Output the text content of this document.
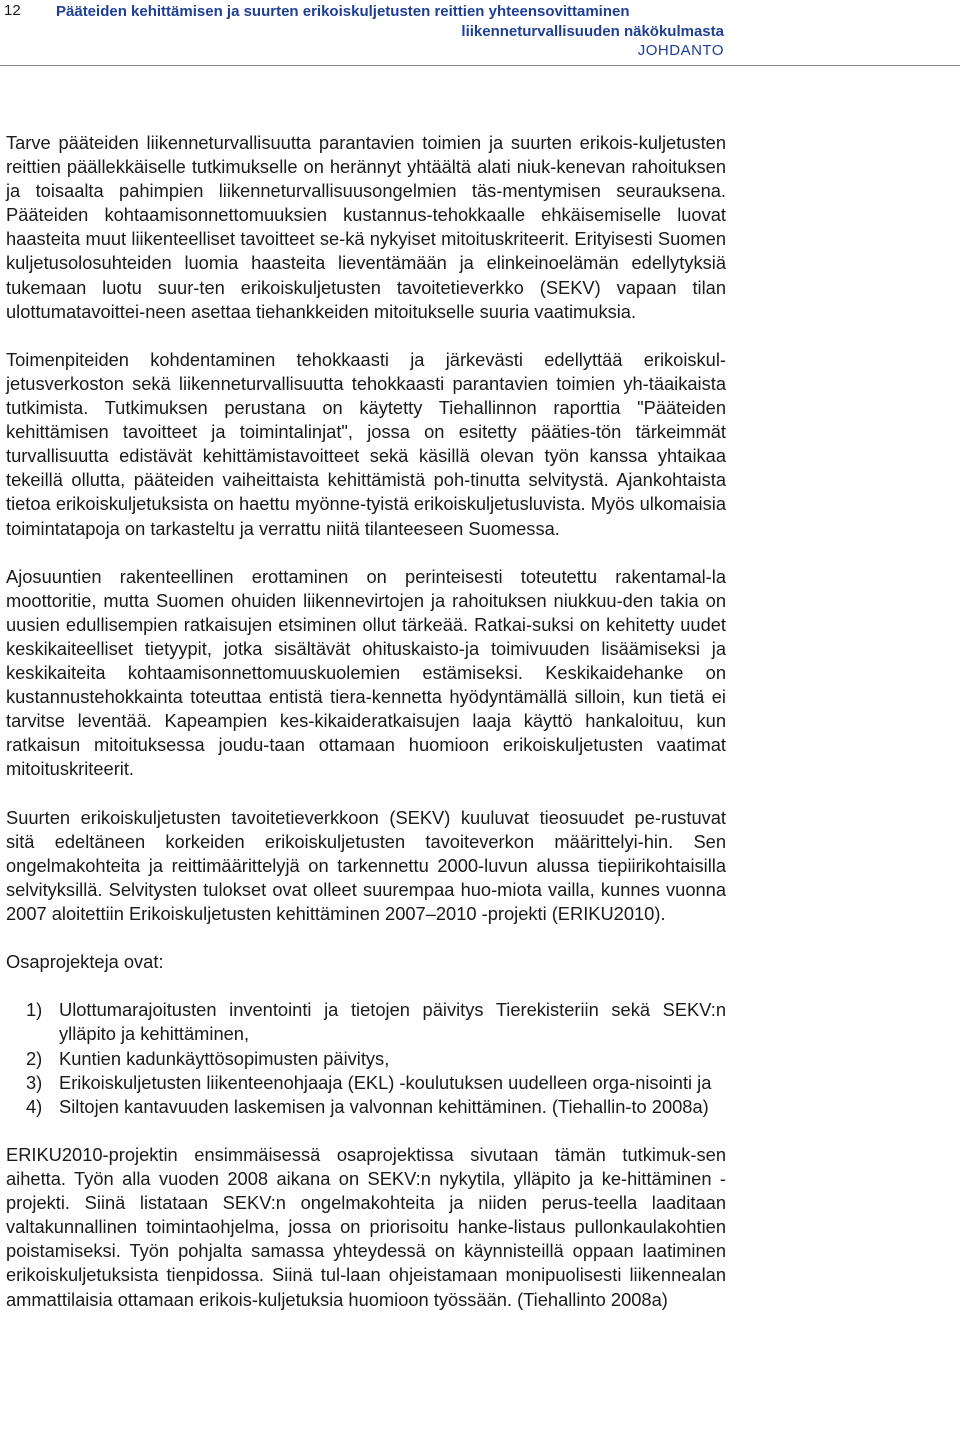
12 Pääteiden kehittämisen ja suurten erikoiskuljetusten reittien yhteensovittaminen
liikenneturvallisuuden näkökulmasta
JOHDANTO

Tarve pääteiden liikenneturvallisuutta parantavien toimien ja suurten erikois-kuljetusten reittien päällekkäiselle tutkimukselle on herännyt yhtäältä alati niuk-kenevan rahoituksen ja toisaalta pahimpien liikenneturvallisuusongelmien täs-mentymisen seurauksena. Pääteiden kohtaamisonnettomuuksien kustannus-tehokkaalle ehkäisemiselle luovat haasteita muut liikenteelliset tavoitteet se-kä nykyiset mitoituskriteerit. Erityisesti Suomen kuljetusolosuhteiden luomia haasteita lieventämään ja elinkeinoelämän edellytyksiä tukemaan luotu suur-ten erikoiskuljetusten tavoitetieverkko (SEKV) vapaan tilan ulottumatavoittei-neen asettaa tiehankkeiden mitoitukselle suuria vaatimuksia.

Toimenpiteiden kohdentaminen tehokkaasti ja järkevästi edellyttää erikoiskul-jetusverkoston sekä liikenneturvallisuutta tehokkaasti parantavien toimien yh-täaikaista tutkimista. Tutkimuksen perustana on käytetty Tiehallinnon raporttia "Pääteiden kehittämisen tavoitteet ja toimintalinjat", jossa on esitetty pääties-tön tärkeimmät turvallisuutta edistävät kehittämistavoitteet sekä käsillä olevan työn kanssa yhtaikaa tekeillä ollutta, pääteiden vaiheittaista kehittämistä poh-tinutta selvitystä. Ajankohtaista tietoa erikoiskuljetuksista on haettu myönne-tyistä erikoiskuljetusluvista. Myös ulkomaisia toimintatapoja on tarkasteltu ja verrattu niitä tilanteeseen Suomessa.

Ajosuuntien rakenteellinen erottaminen on perinteisesti toteutettu rakentamal-la moottoritie, mutta Suomen ohuiden liikennevirtojen ja rahoituksen niukkuu-den takia on uusien edullisempien ratkaisujen etsiminen ollut tärkeää. Ratkai-suksi on kehitetty uudet keskikaiteelliset tietyypit, jotka sisältävät ohituskaisto-ja toimivuuden lisäämiseksi ja keskikaiteita kohtaamisonnettomuuskuolemien estämiseksi. Keskikaidehanke on kustannustehokkainta toteuttaa entistä tiera-kennetta hyödyntämällä silloin, kun tietä ei tarvitse leventää. Kapeampien kes-kikaideratkaisujen laaja käyttö hankaloituu, kun ratkaisun mitoituksessa joudu-taan ottamaan huomioon erikoiskuljetusten vaatimat mitoituskriteerit.

Suurten erikoiskuljetusten tavoitetieverkkoon (SEKV) kuuluvat tieosuudet pe-rustuvat sitä edeltäneen korkeiden erikoiskuljetusten tavoiteverkon määrittelyi-hin. Sen ongelmakohteita ja reittimäärittelyjä on tarkennettu 2000-luvun alussa tiepiirikohtaisilla selvityksillä. Selvitysten tulokset ovat olleet suurempaa huo-miota vailla, kunnes vuonna 2007 aloitettiin Erikoiskuljetusten kehittäminen 2007–2010 -projekti (ERIKU2010).

Osaprojekteja ovat:

1) Ulottumarajoitusten inventointi ja tietojen päivitys Tierekisteriin sekä SEKV:n ylläpito ja kehittäminen,
2) Kuntien kadunkäyttösopimusten päivitys,
3) Erikoiskuljetusten liikenteenohjaaja (EKL) -koulutuksen uudelleen orga-nisointi ja
4) Siltojen kantavuuden laskemisen ja valvonnan kehittäminen. (Tiehallin-to 2008a)

ERIKU2010-projektin ensimmäisessä osaprojektissa sivutaan tämän tutkimuk-sen aihetta. Työn alla vuoden 2008 aikana on SEKV:n nykytila, ylläpito ja ke-hittäminen -projekti. Siinä listataan SEKV:n ongelmakohteita ja niiden perus-teella laaditaan valtakunnallinen toimintaohjelma, jossa on priorisoitu hanke-listaus pullonkaulakohtien poistamiseksi. Työn pohjalta samassa yhteydessä on käynnisteillä oppaan laatiminen erikoiskuljetuksista tienpidossa. Siinä tul-laan ohjeistamaan monipuolisesti liikennealan ammattilaisia ottamaan erikois-kuljetuksia huomioon työssään. (Tiehallinto 2008a)
